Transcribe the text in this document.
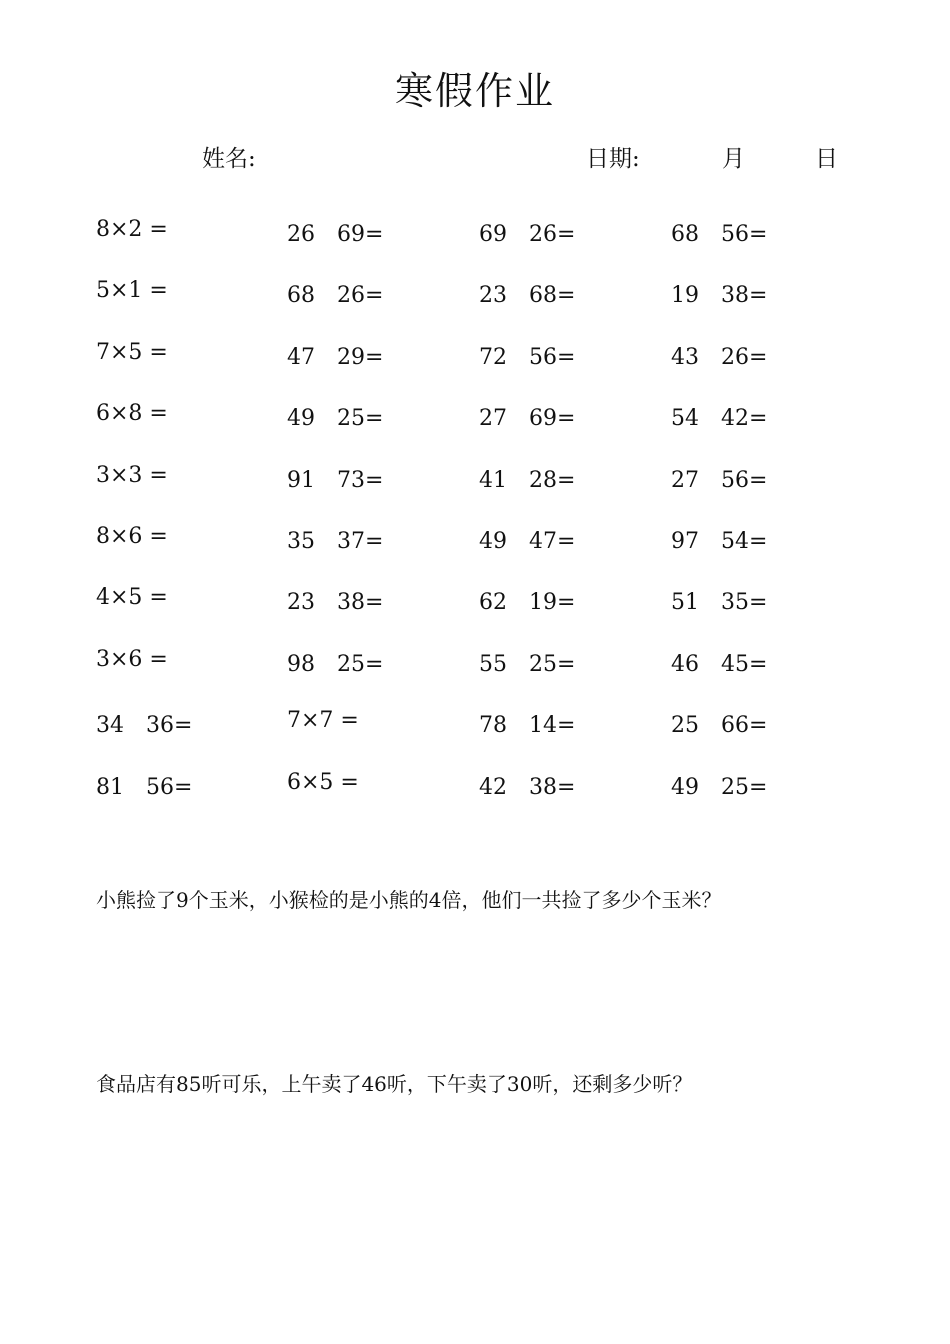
寒假作业
姓名:	日期:	月	日
8×2 =	26　69=	69　26=	68　56=
5×1 =	68　26=	23　68=	19　38=
7×5 =	47　29=	72　56=	43　26=
6×8 =	49　25=	27　69=	54　42=
3×3 =	91　73=	41　28=	27　56=
8×6 =	35　37=	49　47=	97　54=
4×5 =	23　38=	62　19=	51　35=
3×6 =	98　25=	55　25=	46　45=
34　36=	7×7 =	78　14=	25　66=
81　56=	6×5 =	42　38=	49　25=
小熊捡了9个玉米，小猴检的是小熊的4倍，他们一共捡了多少个玉米？
食品店有85听可乐，上午卖了46听，下午卖了30听，还剩多少听？
